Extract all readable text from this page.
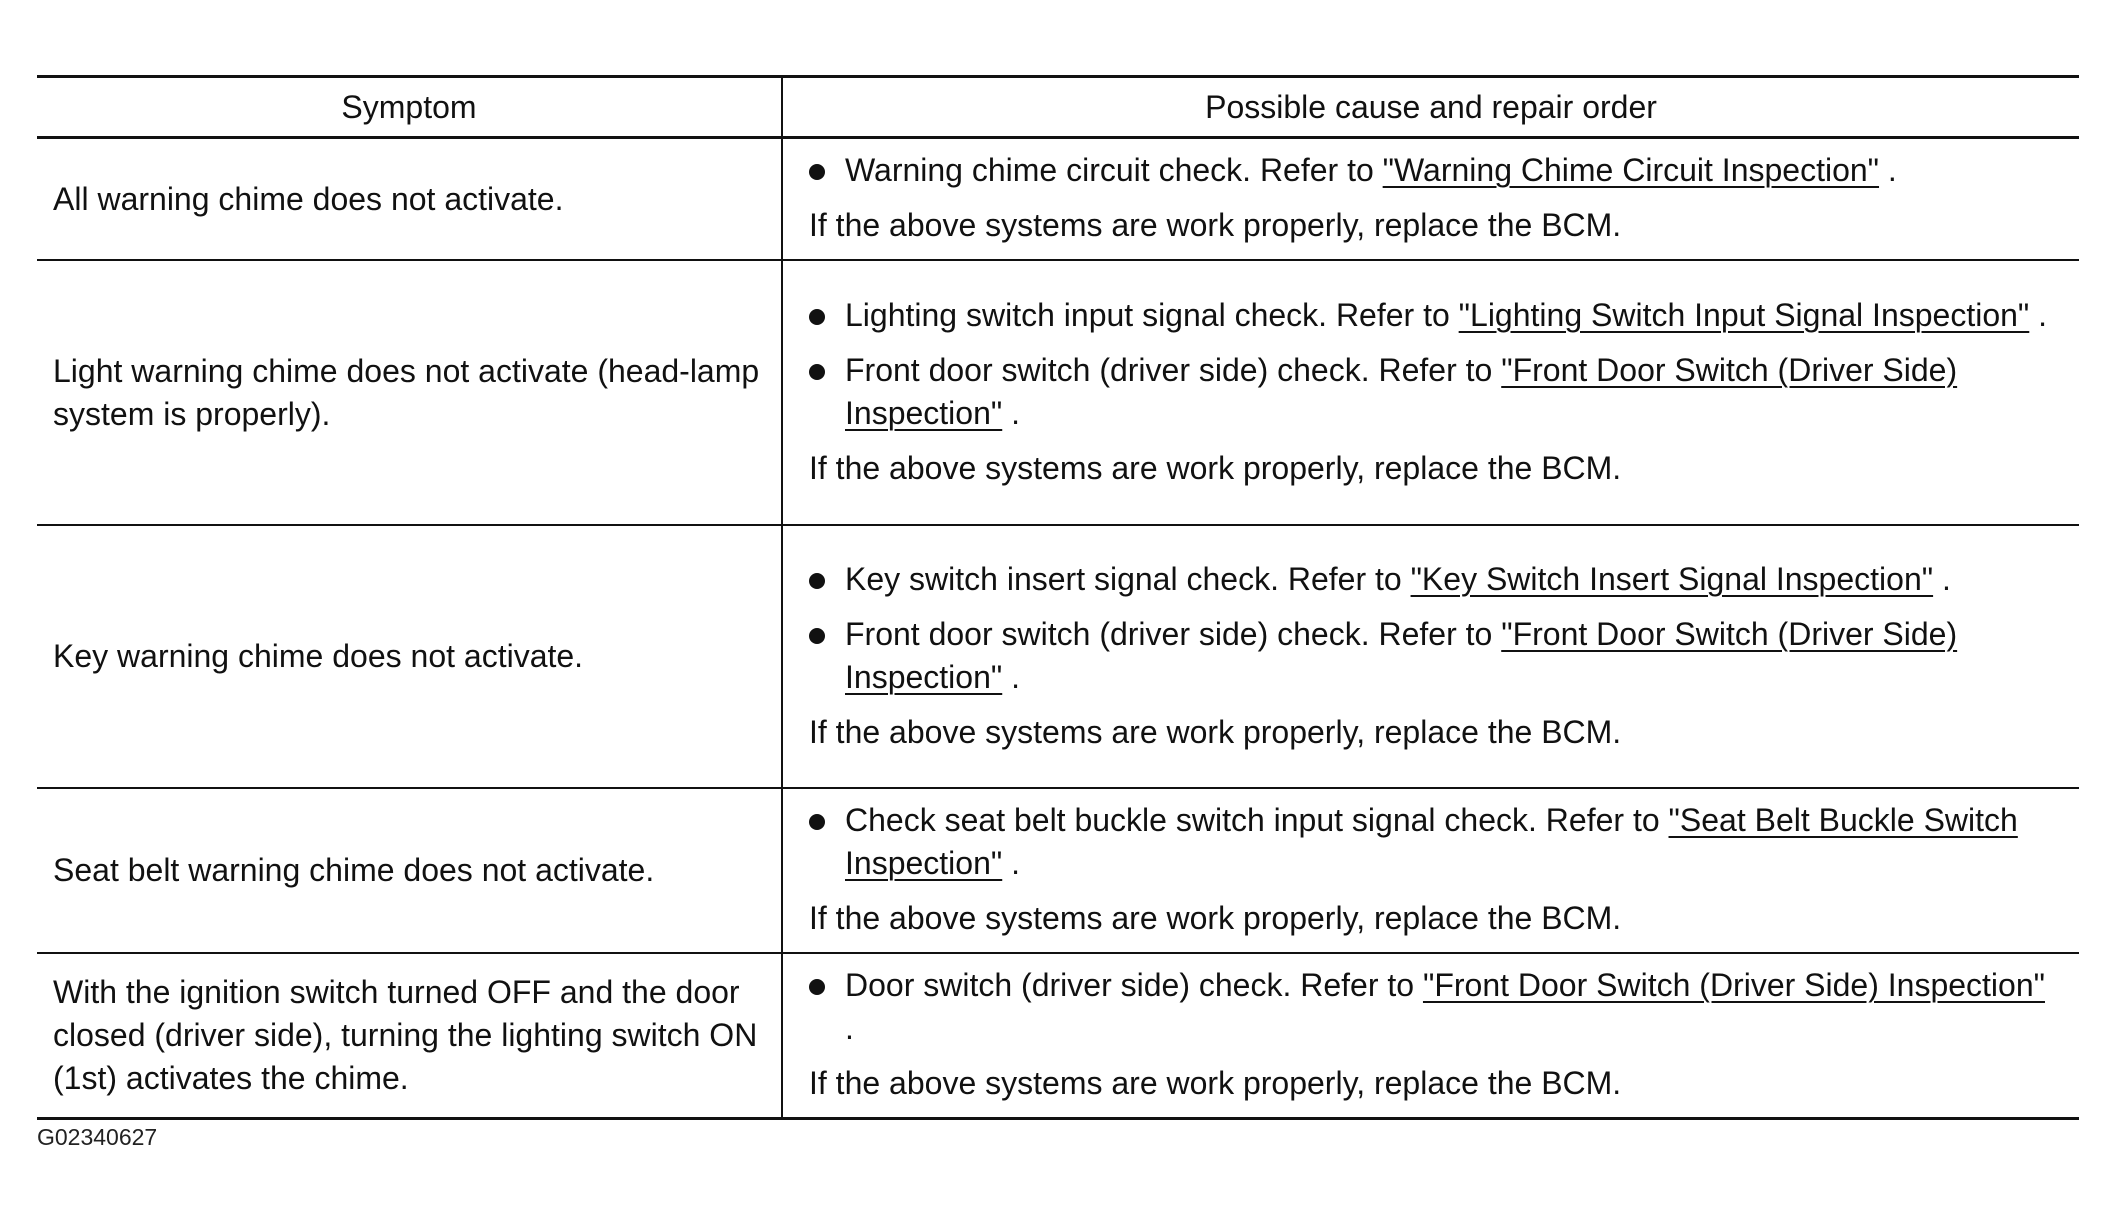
Symptom	Possible cause and repair order
All warning chime does not activate.	Warning chime circuit check. Refer to "Warning Chime Circuit Inspection" .

If the above systems are work properly, replace the BCM.

Light warning chime does not activate (head-lamp system is properly).	Lighting switch input signal check. Refer to "Lighting Switch Input Signal Inspection" .
Front door switch (driver side) check. Refer to "Front Door Switch (Driver Side) Inspection" .

If the above systems are work properly, replace the BCM.

Key warning chime does not activate.	Key switch insert signal check. Refer to "Key Switch Insert Signal Inspection" .
Front door switch (driver side) check. Refer to "Front Door Switch (Driver Side) Inspection" .

If the above systems are work properly, replace the BCM.

Seat belt warning chime does not activate.	Check seat belt buckle switch input signal check. Refer to "Seat Belt Buckle Switch Inspection" .

If the above systems are work properly, replace the BCM.

With the ignition switch turned OFF and the door closed (driver side), turning the lighting switch ON (1st) activates the chime.	Door switch (driver side) check. Refer to "Front Door Switch (Driver Side) Inspection" .

If the above systems are work properly, replace the BCM.

G02340627
